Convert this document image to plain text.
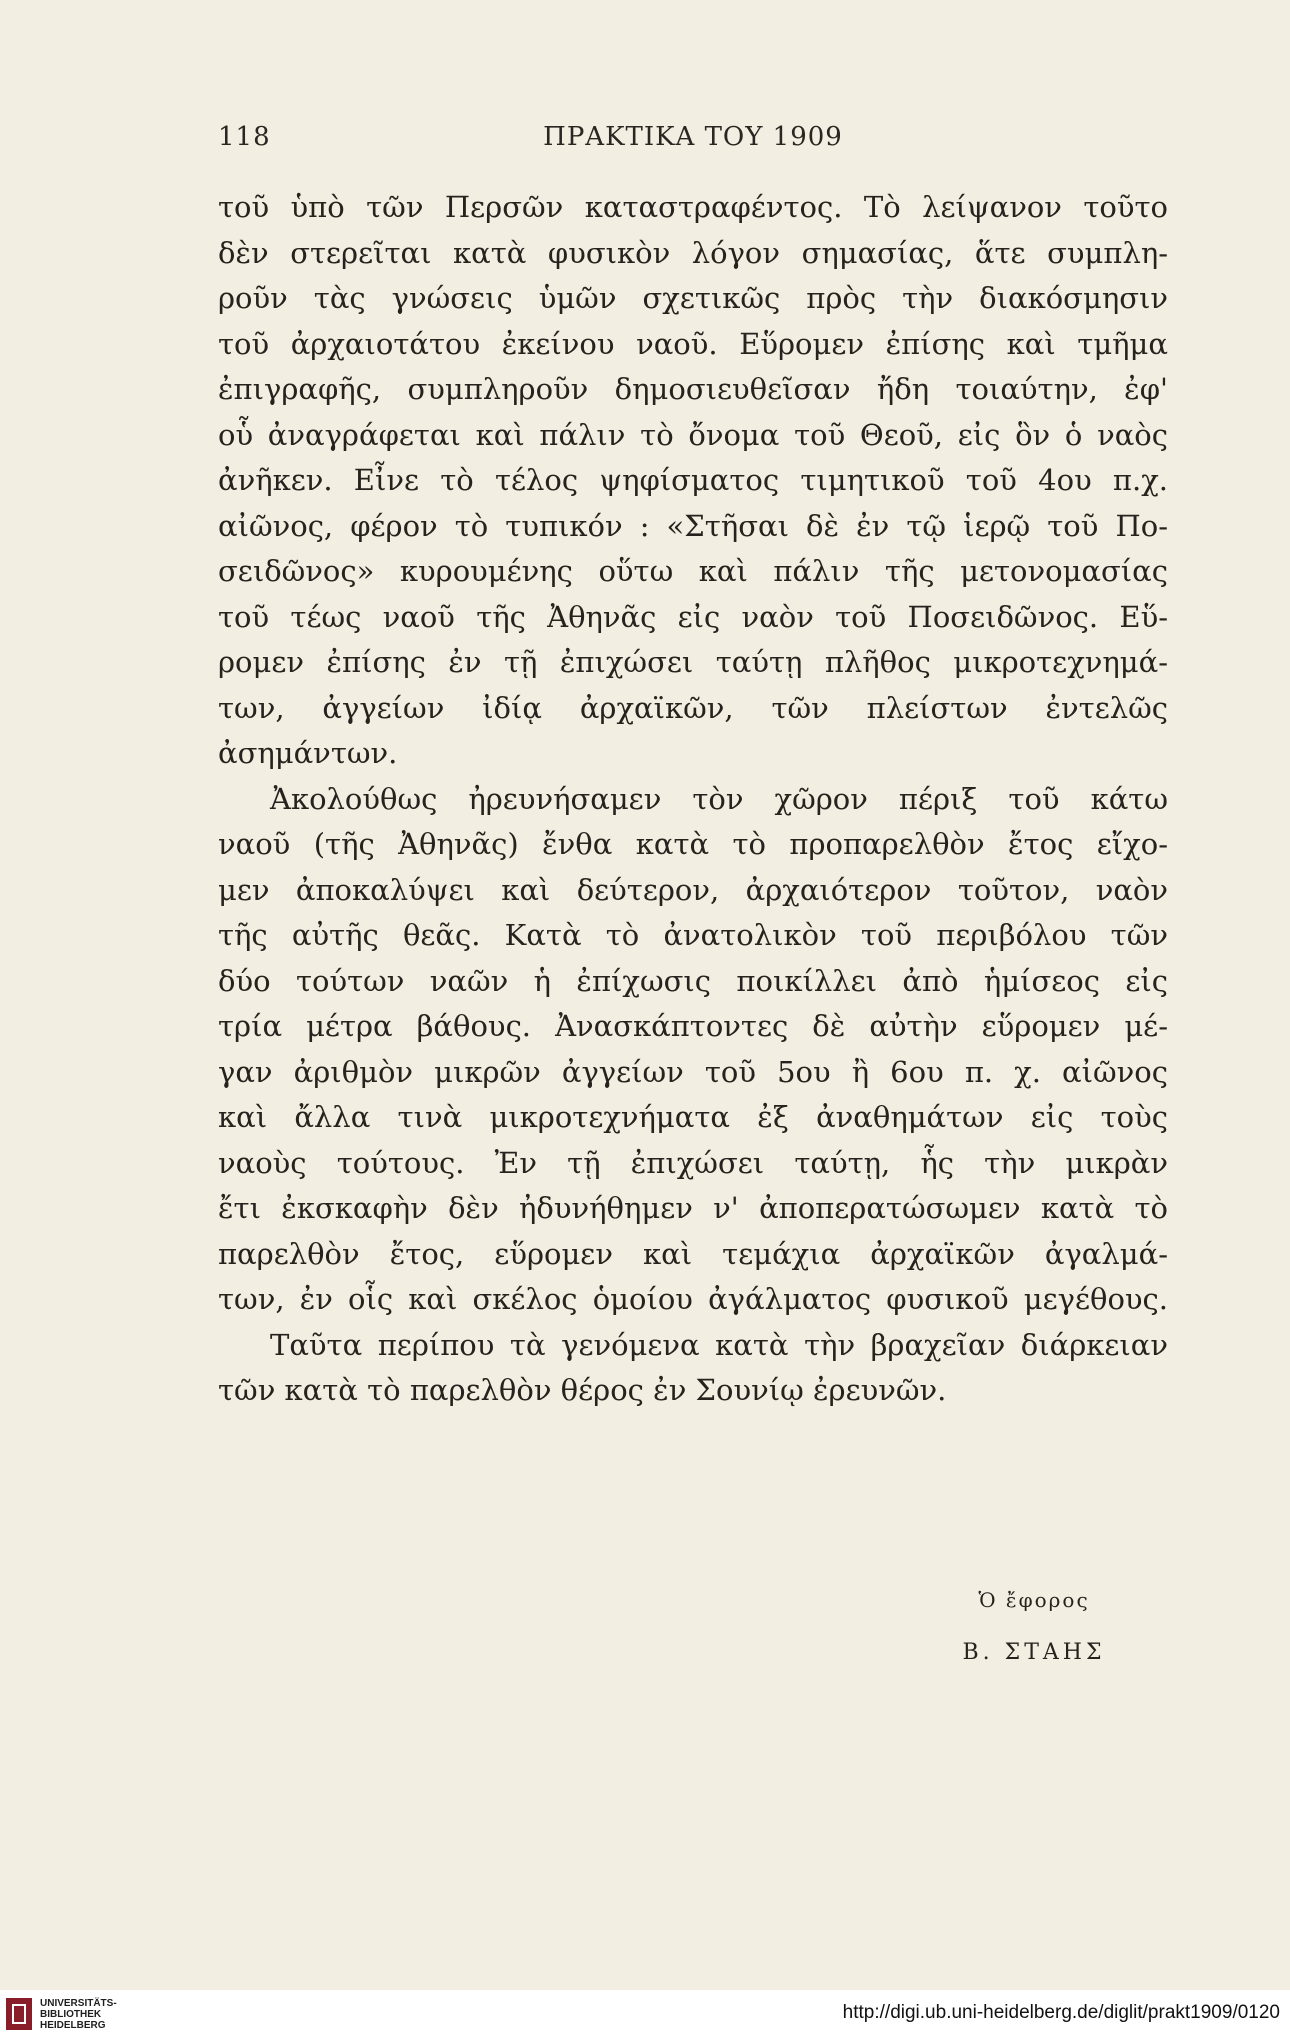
118	ΠΡΑΚΤΙΚΑ ΤΟΥ 1909
τοῦ ὑπὸ τῶν Περσῶν καταστραφέντος. Τὸ λείψανον τοῦτο
δὲν στερεῖται κατὰ φυσικὸν λόγον σημασίας, ἅτε συμπλη-
ροῦν τὰς γνώσεις ὑμῶν σχετικῶς πρὸς τὴν διακόσμησιν
τοῦ ἀρχαιοτάτου ἐκείνου ναοῦ. Εὕρομεν ἐπίσης καὶ τμῆμα
ἐπιγραφῆς, συμπληροῦν δημοσιευθεῖσαν ἤδη τοιαύτην, ἐφ'
οὗ ἀναγράφεται καὶ πάλιν τὸ ὄνομα τοῦ Θεοῦ, εἰς ὃν ὁ ναὸς
ἀνῆκεν. Εἶνε τὸ τέλος ψηφίσματος τιμητικοῦ τοῦ 4ου π.χ.
αἰῶνος, φέρον τὸ τυπικόν : «Στῆσαι δὲ ἐν τῷ ἱερῷ τοῦ Πο-
σειδῶνος» κυρουμένης οὕτω καὶ πάλιν τῆς μετονομασίας
τοῦ τέως ναοῦ τῆς Ἀθηνᾶς εἰς ναὸν τοῦ Ποσειδῶνος. Εὕ-
ρομεν ἐπίσης ἐν τῇ ἐπιχώσει ταύτῃ πλῆθος μικροτεχνημά-
των, ἀγγείων ἰδίᾳ ἀρχαϊκῶν, τῶν πλείστων ἐντελῶς
ἀσημάντων.
Ἀκολούθως ἠρευνήσαμεν τὸν χῶρον πέριξ τοῦ κάτω
ναοῦ (τῆς Ἀθηνᾶς) ἔνθα κατὰ τὸ προπαρελθὸν ἔτος εἴχο-
μεν ἀποκαλύψει καὶ δεύτερον, ἀρχαιότερον τοῦτον, ναὸν
τῆς αὐτῆς θεᾶς. Κατὰ τὸ ἀνατολικὸν τοῦ περιβόλου τῶν
δύο τούτων ναῶν ἡ ἐπίχωσις ποικίλλει ἀπὸ ἡμίσεος εἰς
τρία μέτρα βάθους. Ἀνασκάπτοντες δὲ αὐτὴν εὕρομεν μέ-
γαν ἀριθμὸν μικρῶν ἀγγείων τοῦ 5ου ἢ 6ου π. χ. αἰῶνος
καὶ ἄλλα τινὰ μικροτεχνήματα ἐξ ἀναθημάτων εἰς τοὺς
ναοὺς τούτους. Ἐν τῇ ἐπιχώσει ταύτῃ, ἧς τὴν μικρὰν
ἔτι ἐκσκαφὴν δὲν ἠδυνήθημεν ν' ἀποπερατώσωμεν κατὰ τὸ
παρελθὸν ἔτος, εὕρομεν καὶ τεμάχια ἀρχαϊκῶν ἀγαλμά-
των, ἐν οἷς καὶ σκέλος ὁμοίου ἀγάλματος φυσικοῦ μεγέθους.
Ταῦτα περίπου τὰ γενόμενα κατὰ τὴν βραχεῖαν διάρκειαν
τῶν κατὰ τὸ παρελθὸν θέρος ἐν Σουνίῳ ἐρευνῶν.
Ὁ ἔφορος
Β. ΣΤΑΗΣ
UNIVERSITÄTS-
BIBLIOTHEK
HEIDELBERG
http://digi.ub.uni-heidelberg.de/diglit/prakt1909/0120
